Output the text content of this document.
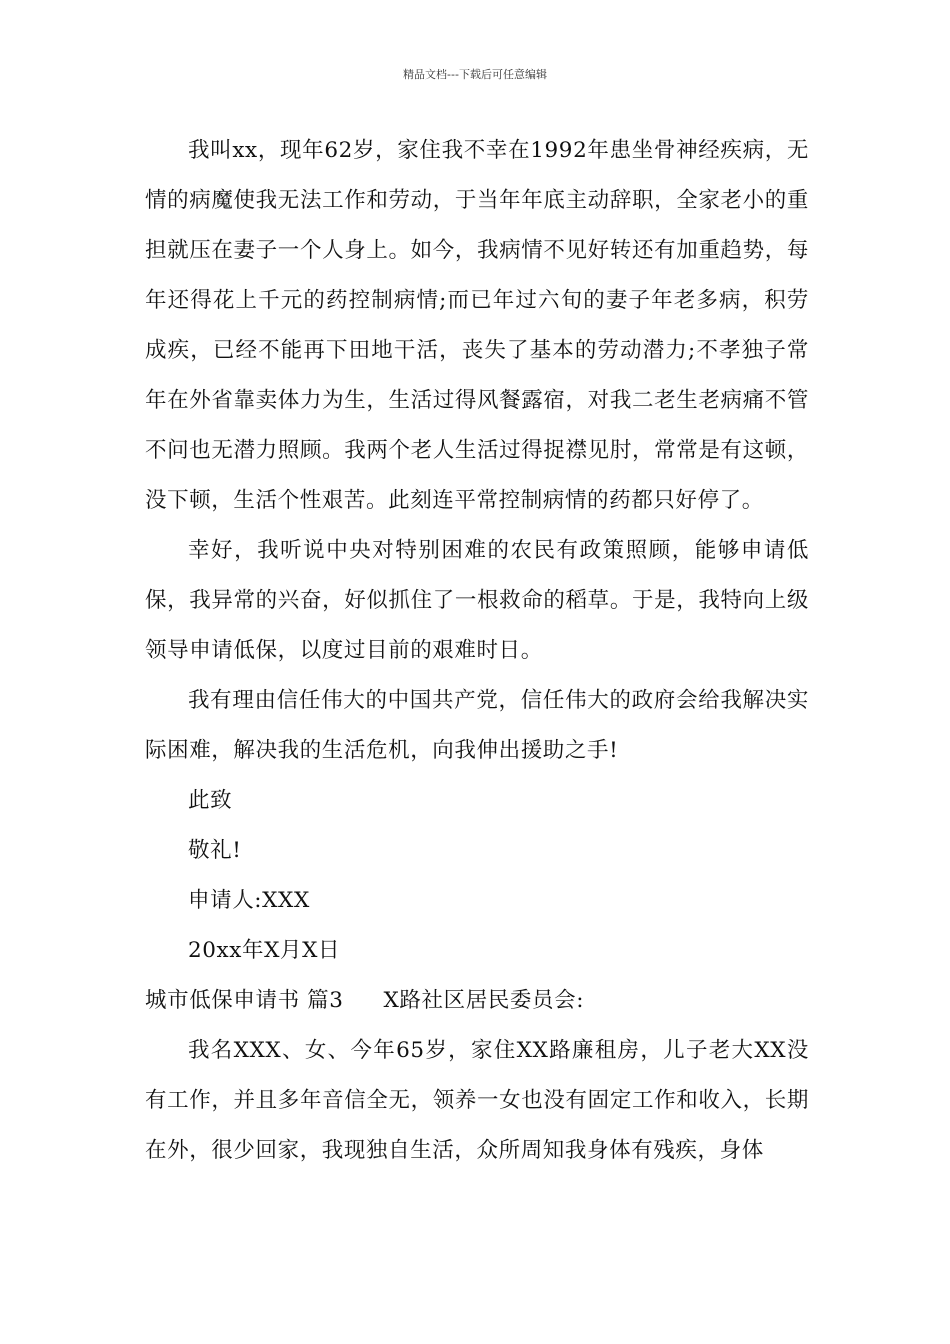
精品文档---下载后可任意编辑

我叫xx，现年62岁，家住我不幸在1992年患坐骨神经疾病，无情的病魔使我无法工作和劳动，于当年年底主动辞职，全家老小的重担就压在妻子一个人身上。如今，我病情不见好转还有加重趋势，每年还得花上千元的药控制病情;而已年过六旬的妻子年老多病，积劳成疾，已经不能再下田地干活，丧失了基本的劳动潜力;不孝独子常年在外省靠卖体力为生，生活过得风餐露宿，对我二老生老病痛不管不问也无潜力照顾。我两个老人生活过得捉襟见肘，常常是有这顿，没下顿，生活个性艰苦。此刻连平常控制病情的药都只好停了。

幸好，我听说中央对特别困难的农民有政策照顾，能够申请低保，我异常的兴奋，好似抓住了一根救命的稻草。于是，我特向上级领导申请低保，以度过目前的艰难时日。

我有理由信任伟大的中国共产党，信任伟大的政府会给我解决实际困难，解决我的生活危机，向我伸出援助之手!

此致

敬礼!

申请人:XXX

20xx年X月X日

城市低保申请书 篇3 X路社区居民委员会:

我名XXX、女、今年65岁，家住XX路廉租房，儿子老大XX没有工作，并且多年音信全无，领养一女也没有固定工作和收入，长期在外，很少回家，我现独自生活，众所周知我身体有残疾，身体
